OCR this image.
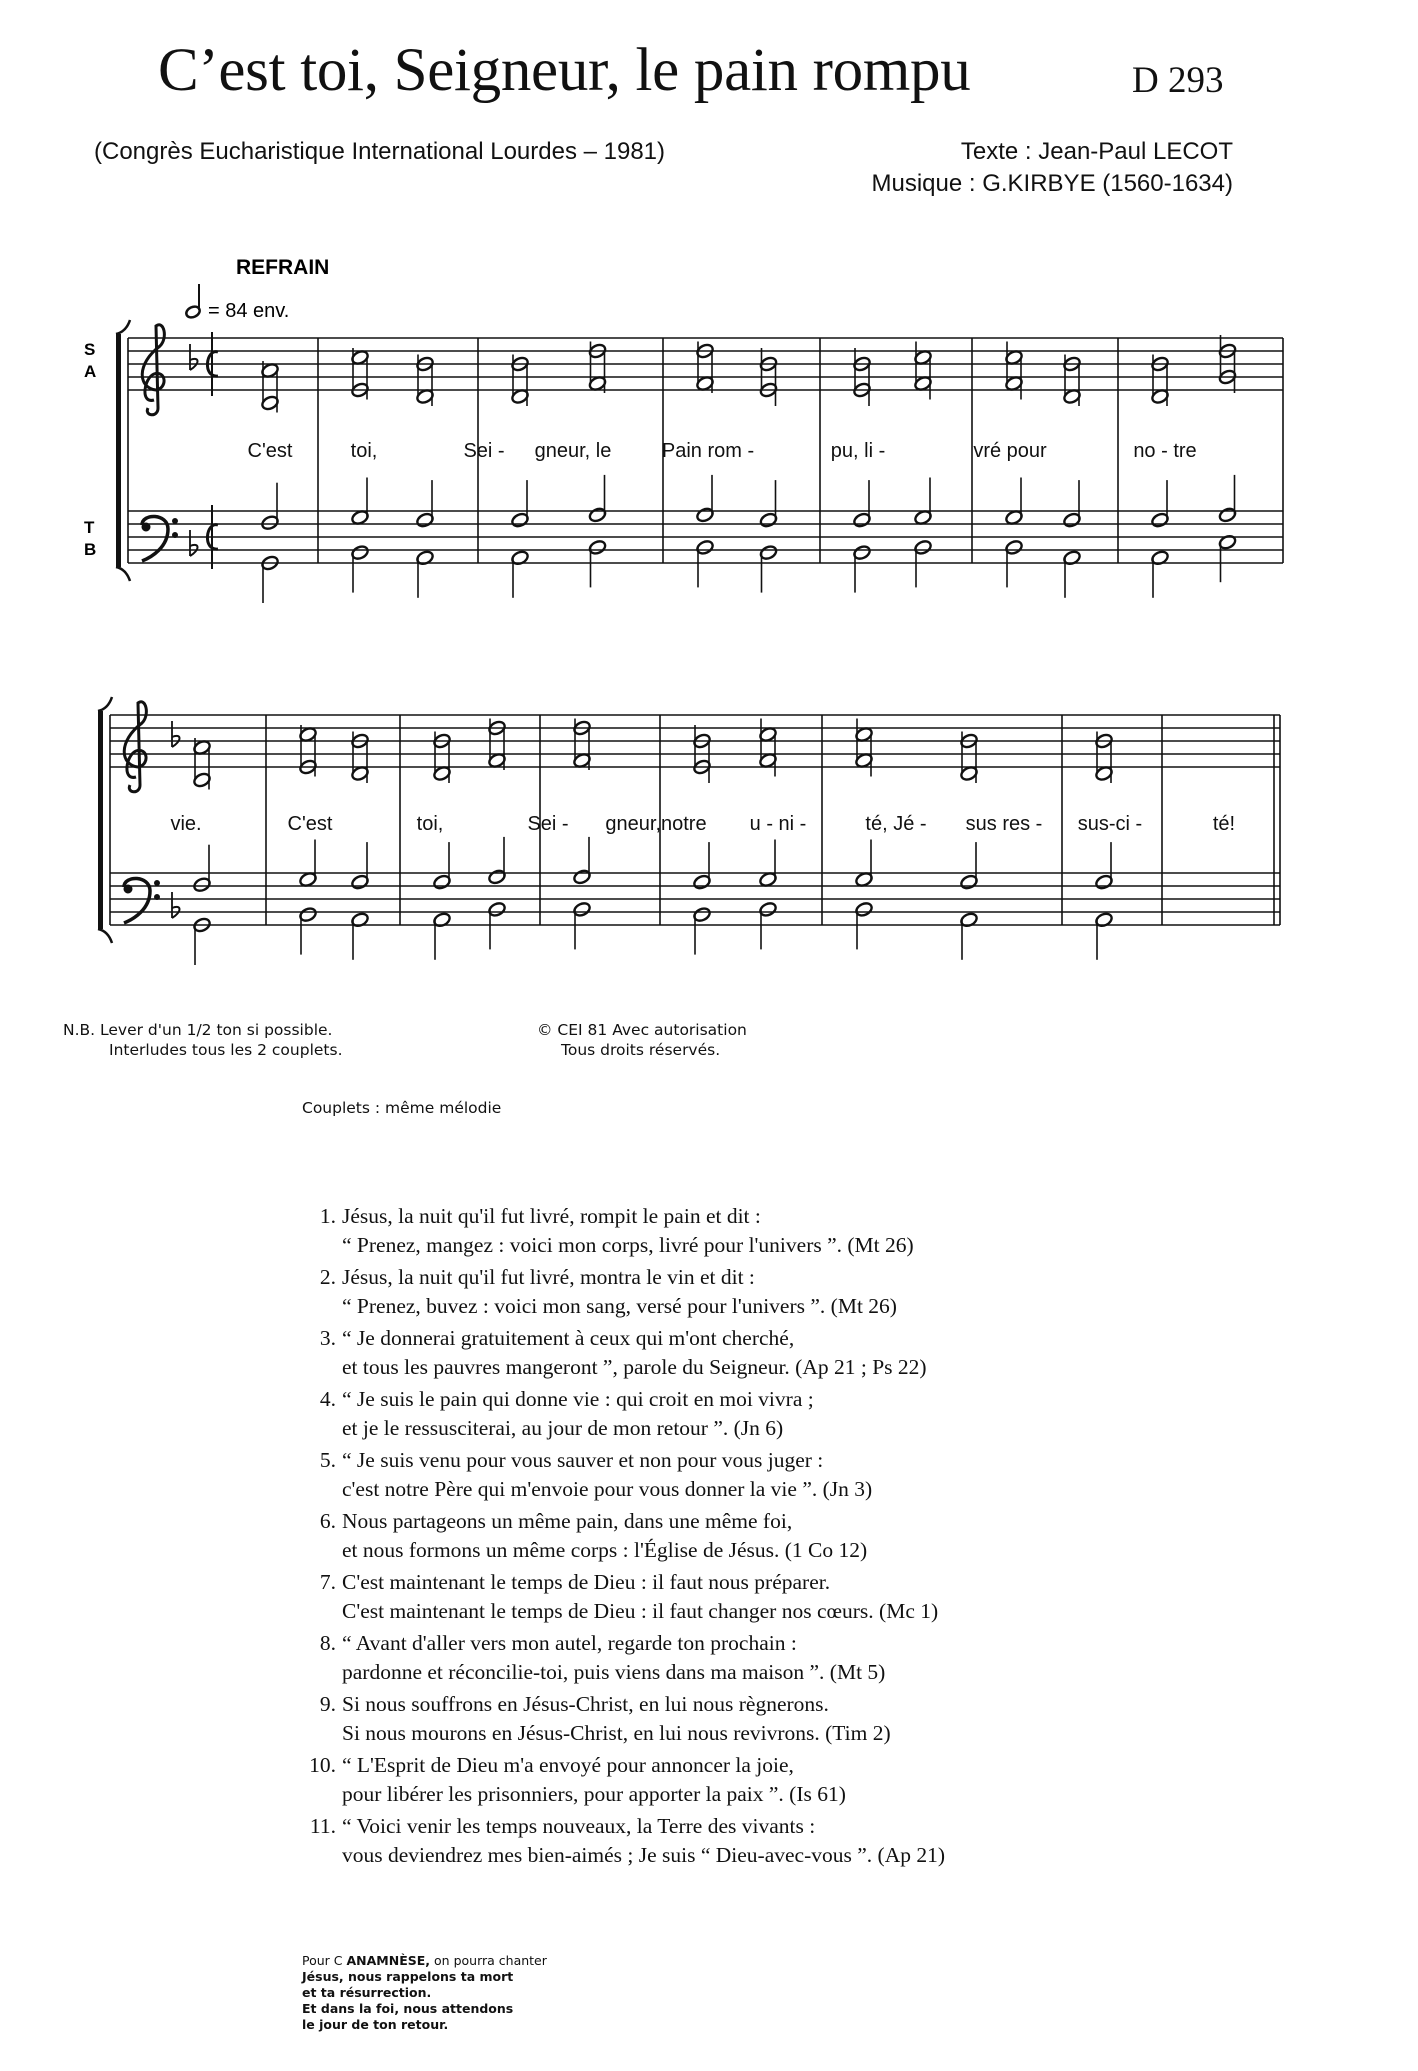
C’est toi, Seigneur, le pain rompu	D 293
(Congrès Eucharistique International Lourdes – 1981)	Texte : Jean-Paul LECOT
Musique : G.KIRBYE (1560-1634)
REFRAIN
= 84 env.
S
A
T
B
C'est	toi,	Sei - gneur, le	Pain rom -	pu, li -	vré pour	no - tre
vie.	C'est	toi,	Sei - gneur,notre u - ni -	té, Jé - sus res - sus-ci -	té!
N.B. Lever d'un 1/2 ton si possible.
Interludes tous les 2 couplets.
© CEI 81 Avec autorisation
Tous droits réservés.
Couplets : même mélodie
1. Jésus, la nuit qu'il fut livré, rompit le pain et dit :
“ Prenez, mangez : voici mon corps, livré pour l'univers ”. (Mt 26)
2. Jésus, la nuit qu'il fut livré, montra le vin et dit :
“ Prenez, buvez : voici mon sang, versé pour l'univers ”. (Mt 26)
3. “ Je donnerai gratuitement à ceux qui m'ont cherché,
et tous les pauvres mangeront ”, parole du Seigneur. (Ap 21 ; Ps 22)
4. “ Je suis le pain qui donne vie : qui croit en moi vivra ;
et je le ressusciterai, au jour de mon retour ”. (Jn 6)
5. “ Je suis venu pour vous sauver et non pour vous juger :
c'est notre Père qui m'envoie pour vous donner la vie ”. (Jn 3)
6. Nous partageons un même pain, dans une même foi,
et nous formons un même corps : l'Église de Jésus. (1 Co 12)
7. C'est maintenant le temps de Dieu : il faut nous préparer.
C'est maintenant le temps de Dieu : il faut changer nos cœurs. (Mc 1)
8. “ Avant d'aller vers mon autel, regarde ton prochain :
pardonne et réconcilie-toi, puis viens dans ma maison ”. (Mt 5)
9. Si nous souffrons en Jésus-Christ, en lui nous règnerons.
Si nous mourons en Jésus-Christ, en lui nous revivrons. (Tim 2)
10. “ L'Esprit de Dieu m'a envoyé pour annoncer la joie,
pour libérer les prisonniers, pour apporter la paix ”. (Is 61)
11. “ Voici venir les temps nouveaux, la Terre des vivants :
vous deviendrez mes bien-aimés ; Je suis “ Dieu-avec-vous ”. (Ap 21)
Pour C ANAMNÈSE, on pourra chanter
Jésus, nous rappelons ta mort
et ta résurrection.
Et dans la foi, nous attendons
le jour de ton retour.
